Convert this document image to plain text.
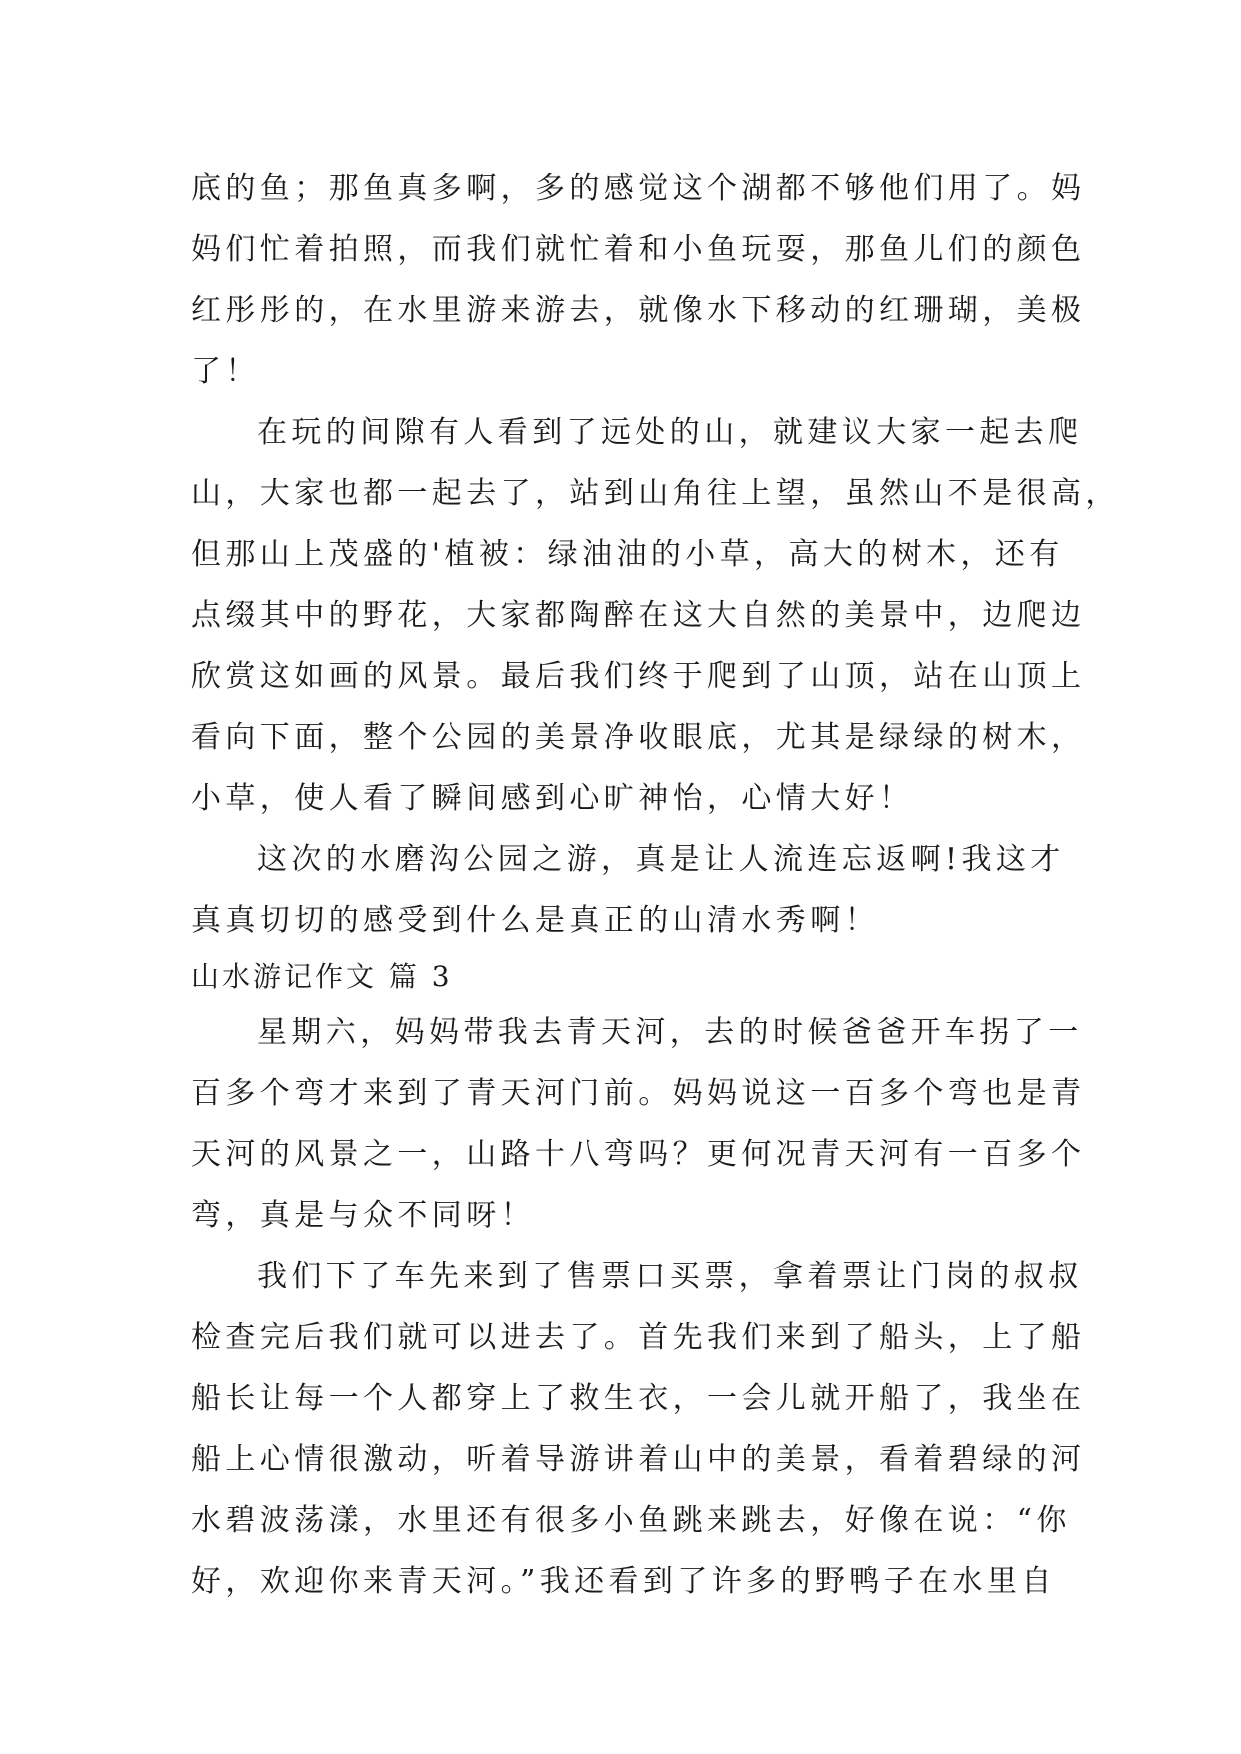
底的鱼；那鱼真多啊，多的感觉这个湖都不够他们用了。妈
妈们忙着拍照，而我们就忙着和小鱼玩耍，那鱼儿们的颜色
红彤彤的，在水里游来游去，就像水下移动的红珊瑚，美极
了！
在玩的间隙有人看到了远处的山，就建议大家一起去爬
山，大家也都一起去了，站到山角往上望，虽然山不是很高，
但那山上茂盛的'植被：绿油油的小草，高大的树木，还有
点缀其中的野花，大家都陶醉在这大自然的美景中，边爬边
欣赏这如画的风景。最后我们终于爬到了山顶，站在山顶上
看向下面，整个公园的美景净收眼底，尤其是绿绿的树木，
小草，使人看了瞬间感到心旷神怡，心情大好！
这次的水磨沟公园之游，真是让人流连忘返啊!我这才
真真切切的感受到什么是真正的山清水秀啊！
山水游记作文 篇 3
星期六，妈妈带我去青天河，去的时候爸爸开车拐了一
百多个弯才来到了青天河门前。妈妈说这一百多个弯也是青
天河的风景之一，山路十八弯吗？更何况青天河有一百多个
弯，真是与众不同呀！
我们下了车先来到了售票口买票，拿着票让门岗的叔叔
检查完后我们就可以进去了。首先我们来到了船头，上了船
船长让每一个人都穿上了救生衣，一会儿就开船了，我坐在
船上心情很激动，听着导游讲着山中的美景，看着碧绿的河
水碧波荡漾，水里还有很多小鱼跳来跳去，好像在说：“你
好，欢迎你来青天河。”我还看到了许多的野鸭子在水里自
